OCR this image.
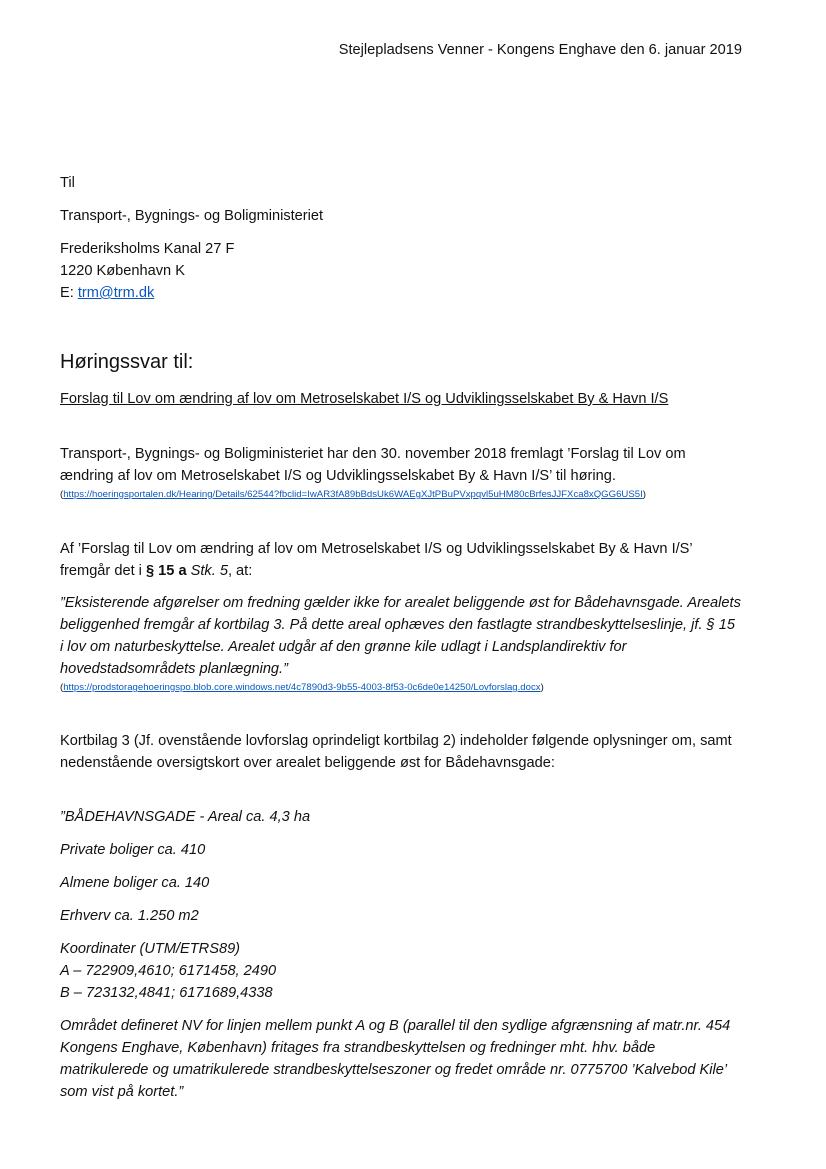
Stejlepladsens Venner - Kongens Enghave den 6. januar 2019
Til
Transport-, Bygnings- og Boligministeriet
Frederiksholms Kanal 27 F
1220 København K
E: trm@trm.dk
Høringssvar til:
Forslag til Lov om ændring af lov om Metroselskabet I/S og Udviklingsselskabet By & Havn I/S
Transport-, Bygnings- og Boligministeriet har den 30. november 2018 fremlagt ’Forslag til Lov om
ændring af lov om Metroselskabet I/S og Udviklingsselskabet By & Havn I/S’ til høring.
(https://hoeringsportalen.dk/Hearing/Details/62544?fbclid=IwAR3fA89bBdsUk6WAEgXJtPBuPVxpqvl5uHM80cBrfesJJFXca8xQGG6US5I)
Af ’Forslag til Lov om ændring af lov om Metroselskabet I/S og Udviklingsselskabet By & Havn I/S’
fremgår det i § 15 a Stk. 5, at:
”Eksisterende afgørelser om fredning gælder ikke for arealet beliggende øst for Bådehavnsgade. Arealets
beliggenhed fremgår af kortbilag 3. På dette areal ophæves den fastlagte strandbeskyttelseslinje, jf. § 15
i lov om naturbeskyttelse. Arealet udgår af den grønne kile udlagt i Landsplandirektiv for
hovedstadsområdets planlægning.”
(https://prodstoragehoeringspo.blob.core.windows.net/4c7890d3-9b55-4003-8f53-0c6de0e14250/Lovforslag.docx)
Kortbilag 3 (Jf. ovenstående lovforslag oprindeligt kortbilag 2) indeholder følgende oplysninger om, samt
nedenstående oversigtskort over arealet beliggende øst for Bådehavnsgade:
”BÅDEHAVNSGADE - Areal ca. 4,3 ha
Private boliger ca. 410
Almene boliger ca. 140
Erhverv ca. 1.250 m2
Koordinater (UTM/ETRS89)
A – 722909,4610; 6171458, 2490
B – 723132,4841; 6171689,4338
Området defineret NV for linjen mellem punkt A og B (parallel til den sydlige afgrænsning af matr.nr. 454
Kongens Enghave, København) fritages fra strandbeskyttelsen og fredninger mht. hhv. både
matrikulerede og umatrikulerede strandbeskyttelseszoner og fredet område nr. 0775700 ’Kalvebod Kile’
som vist på kortet.”
